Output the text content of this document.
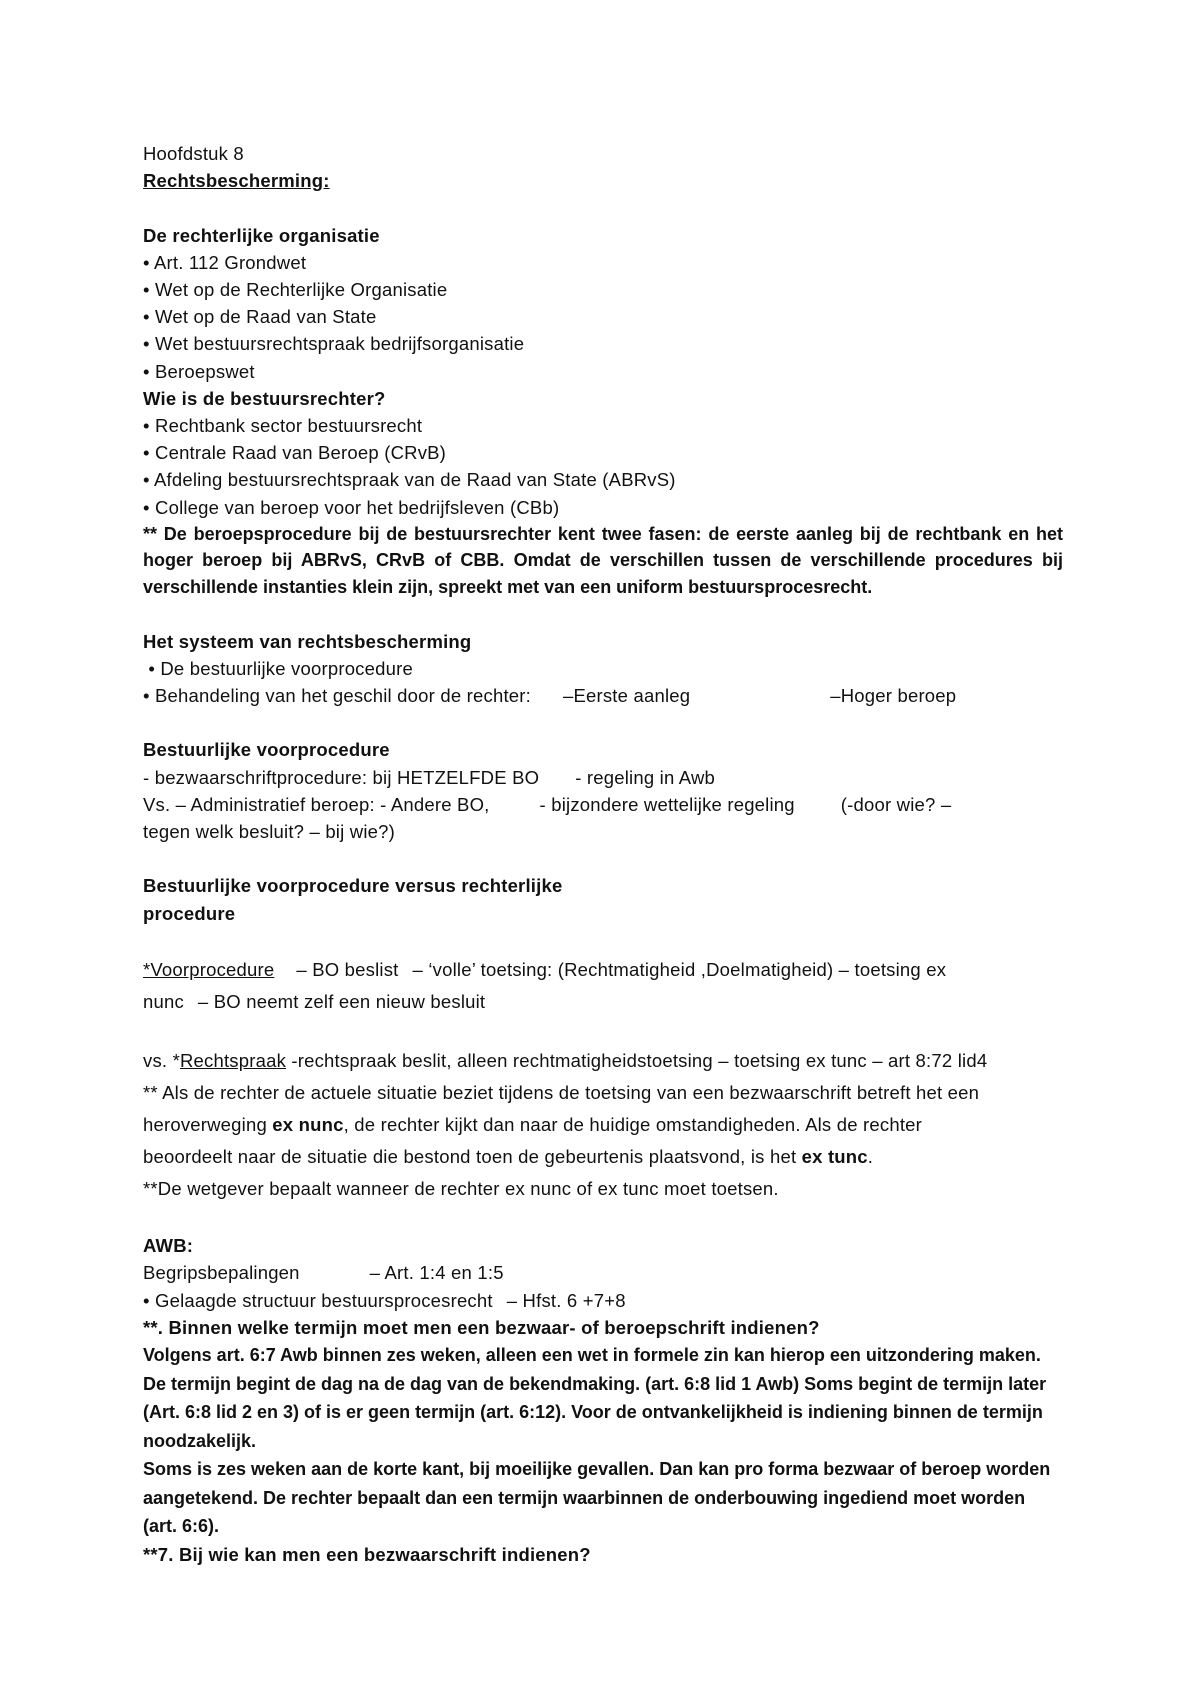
Hoofdstuk 8
Rechtsbescherming:
De rechterlijke organisatie
• Art. 112 Grondwet
• Wet op de Rechterlijke Organisatie
• Wet op de Raad van State
• Wet bestuursrechtspraak bedrijfsorganisatie
• Beroepswet
Wie is de bestuursrechter?
• Rechtbank sector bestuursrecht
• Centrale Raad van Beroep (CRvB)
• Afdeling bestuursrechtspraak van de Raad van State (ABRvS)
• College van beroep voor het bedrijfsleven (CBb)
** De beroepsprocedure bij de bestuursrechter kent twee fasen: de eerste aanleg bij de rechtbank en het hoger beroep bij ABRvS, CRvB of CBB. Omdat de verschillen tussen de verschillende procedures bij verschillende instanties klein zijn, spreekt met van een uniform bestuursprocesrecht.
Het systeem van rechtsbescherming
• De bestuurlijke voorprocedure
• Behandeling van het geschil door de rechter: –Eerste aanleg	–Hoger beroep
Bestuurlijke voorprocedure
- bezwaarschriftprocedure: bij HETZELFDE BO - regeling in Awb
Vs. – Administratief beroep: - Andere BO,	- bijzondere wettelijke regeling (-door wie? –
tegen welk besluit? – bij wie?)
Bestuurlijke voorprocedure versus rechterlijke
procedure
*Voorprocedure – BO beslist – ‘volle’ toetsing: (Rechtmatigheid ,Doelmatigheid) – toetsing ex
nunc – BO neemt zelf een nieuw besluit
vs. *Rechtspraak -rechtspraak beslit, alleen rechtmatigheidstoetsing – toetsing ex tunc – art 8:72 lid4
** Als de rechter de actuele situatie beziet tijdens de toetsing van een bezwaarschrift betreft het een
heroverweging ex nunc, de rechter kijkt dan naar de huidige omstandigheden. Als de rechter
beoordeelt naar de situatie die bestond toen de gebeurtenis plaatsvond, is het ex tunc.
**De wetgever bepaalt wanneer de rechter ex nunc of ex tunc moet toetsen.
AWB:
Begripsbepalingen	– Art. 1:4 en 1:5
• Gelaagde structuur bestuursprocesrecht – Hfst. 6 +7+8
**. Binnen welke termijn moet men een bezwaar- of beroepschrift indienen?
Volgens art. 6:7 Awb binnen zes weken, alleen een wet in formele zin kan hierop een uitzondering maken. De termijn begint de dag na de dag van de bekendmaking. (art. 6:8 lid 1 Awb) Soms begint de termijn later (Art. 6:8 lid 2 en 3) of is er geen termijn (art. 6:12). Voor de ontvankelijkheid is indiening binnen de termijn noodzakelijk.
Soms is zes weken aan de korte kant, bij moeilijke gevallen. Dan kan pro forma bezwaar of beroep worden aangetekend. De rechter bepaalt dan een termijn waarbinnen de onderbouwing ingediend moet worden (art. 6:6).
**7. Bij wie kan men een bezwaarschrift indienen?
